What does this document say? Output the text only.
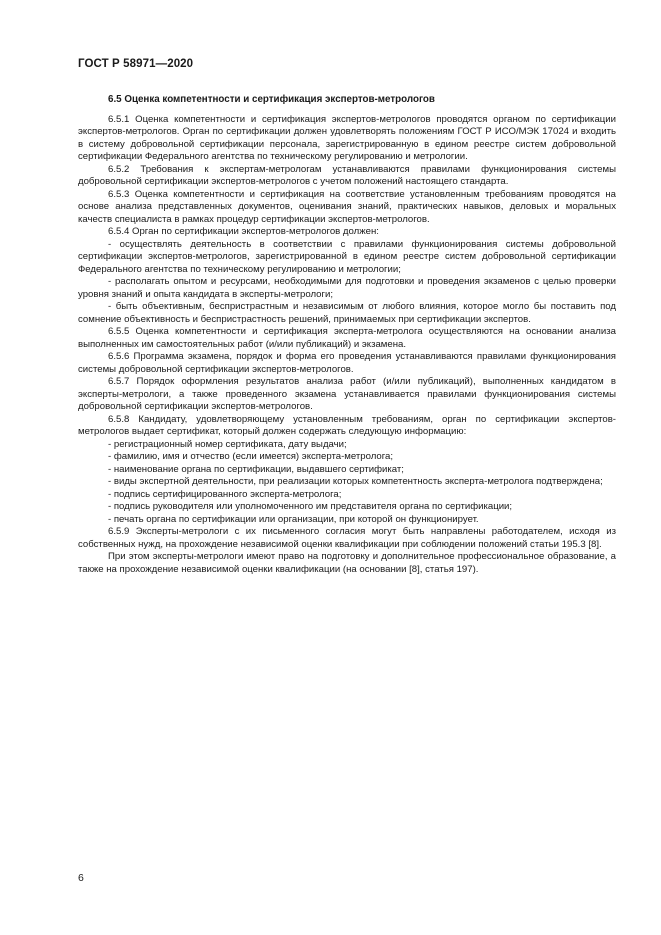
ГОСТ Р 58971—2020
6.5 Оценка компетентности и сертификация экспертов-метрологов

6.5.1 Оценка компетентности и сертификация экспертов-метрологов проводятся органом по сертификации экспертов-метрологов. Орган по сертификации должен удовлетворять положениям ГОСТ Р ИСО/МЭК 17024 и входить в систему добровольной сертификации персонала, зарегистрированную в едином реестре систем добровольной сертификации Федерального агентства по техническому регулированию и метрологии.

6.5.2 Требования к экспертам-метрологам устанавливаются правилами функционирования системы добровольной сертификации экспертов-метрологов с учетом положений настоящего стандарта.

6.5.3 Оценка компетентности и сертификация на соответствие установленным требованиям проводятся на основе анализа представленных документов, оценивания знаний, практических навыков, деловых и моральных качеств специалиста в рамках процедур сертификации экспертов-метрологов.

6.5.4 Орган по сертификации экспертов-метрологов должен:

- осуществлять деятельность в соответствии с правилами функционирования системы добровольной сертификации экспертов-метрологов, зарегистрированной в едином реестре систем добровольной сертификации Федерального агентства по техническому регулированию и метрологии;

- располагать опытом и ресурсами, необходимыми для подготовки и проведения экзаменов с целью проверки уровня знаний и опыта кандидата в эксперты-метрологи;

- быть объективным, беспристрастным и независимым от любого влияния, которое могло бы поставить под сомнение объективность и беспристрастность решений, принимаемых при сертификации экспертов.

6.5.5 Оценка компетентности и сертификация эксперта-метролога осуществляются на основании анализа выполненных им самостоятельных работ (и/или публикаций) и экзамена.

6.5.6 Программа экзамена, порядок и форма его проведения устанавливаются правилами функционирования системы добровольной сертификации экспертов-метрологов.

6.5.7 Порядок оформления результатов анализа работ (и/или публикаций), выполненных кандидатом в эксперты-метрологи, а также проведенного экзамена устанавливается правилами функционирования системы добровольной сертификации экспертов-метрологов.

6.5.8 Кандидату, удовлетворяющему установленным требованиям, орган по сертификации экспертов-метрологов выдает сертификат, который должен содержать следующую информацию:

- регистрационный номер сертификата, дату выдачи;

- фамилию, имя и отчество (если имеется) эксперта-метролога;

- наименование органа по сертификации, выдавшего сертификат;

- виды экспертной деятельности, при реализации которых компетентность эксперта-метролога подтверждена;

- подпись сертифицированного эксперта-метролога;

- подпись руководителя или уполномоченного им представителя органа по сертификации;

- печать органа по сертификации или организации, при которой он функционирует.

6.5.9 Эксперты-метрологи с их письменного согласия могут быть направлены работодателем, исходя из собственных нужд, на прохождение независимой оценки квалификации при соблюдении положений статьи 195.3 [8].

При этом эксперты-метрологи имеют право на подготовку и дополнительное профессиональное образование, а также на прохождение независимой оценки квалификации (на основании [8], статья 197).

6
